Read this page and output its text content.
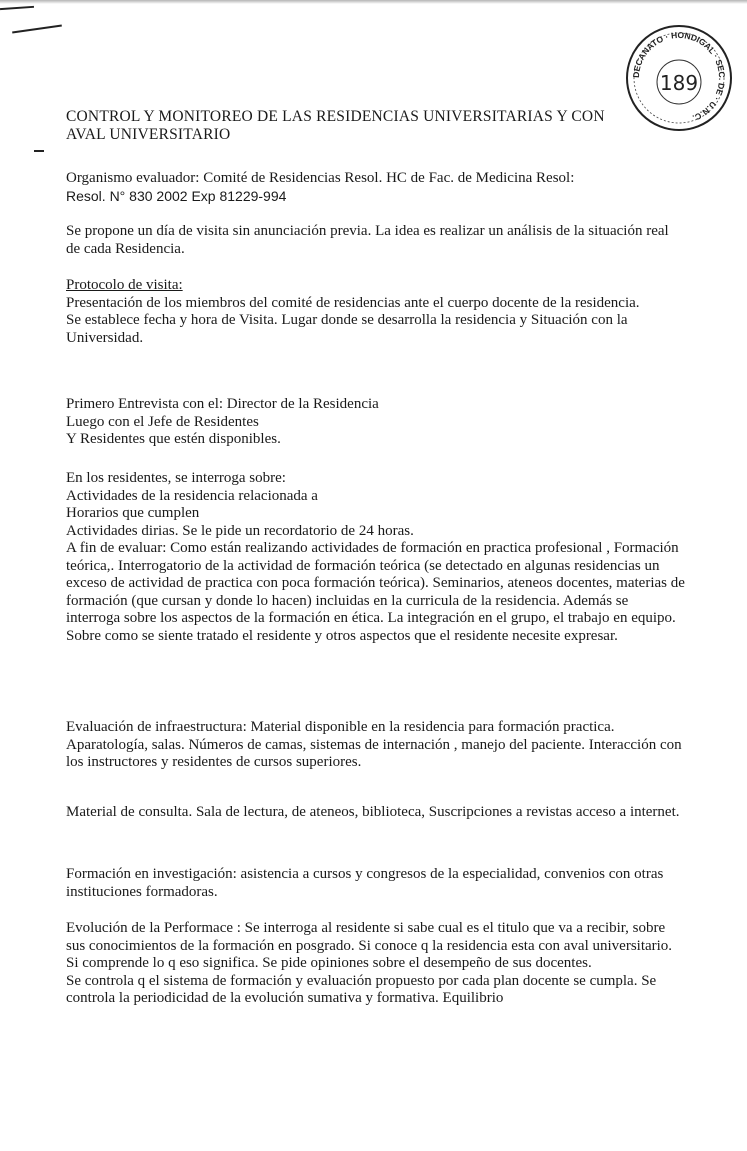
DECANATO · HONDIGAL · SEC. DE · U.N.C.
189
CONTROL Y MONITOREO DE LAS RESIDENCIAS UNIVERSITARIAS Y CON
AVAL UNIVERSITARIO
Organismo evaluador: Comité de Residencias Resol. HC de Fac. de Medicina Resol:
Resol. N° 830 2002 Exp 81229-994
Se propone un día de visita sin anunciación previa. La idea es realizar un análisis de la situación real de cada Residencia.
Protocolo de visita:
Presentación de los miembros del comité de residencias ante el cuerpo docente de la residencia.
Se establece fecha y hora de Visita. Lugar donde se desarrolla la residencia y Situación con la Universidad.
Primero Entrevista con el: Director de la Residencia
Luego con el Jefe de Residentes
Y Residentes que estén disponibles.
En los residentes, se interroga sobre:
Actividades de la residencia relacionada a
Horarios que cumplen
Actividades dirias. Se le pide un recordatorio de 24 horas.
A fin de evaluar: Como están realizando actividades de formación en practica profesional , Formación teórica,. Interrogatorio de la actividad de formación teórica (se detectado en algunas residencias un exceso de actividad de practica con poca formación teórica). Seminarios, ateneos docentes, materias de formación (que cursan y donde lo hacen) incluidas en la curricula de la residencia. Además se interroga sobre los aspectos de la formación en ética. La integración en el grupo, el trabajo en equipo. Sobre como se siente tratado el residente y otros aspectos que el residente necesite expresar.
Evaluación de infraestructura: Material disponible en la residencia para formación practica. Aparatología, salas. Números de camas, sistemas de internación , manejo del paciente. Interacción con los instructores y residentes de cursos superiores.
Material de consulta. Sala de lectura, de ateneos, biblioteca, Suscripciones a revistas acceso a internet.
Formación en investigación: asistencia a cursos y congresos de la especialidad, convenios con otras instituciones formadoras.
Evolución de la Performace : Se interroga al residente si sabe cual es el titulo que va a recibir, sobre sus conocimientos de la formación en posgrado. Si conoce q la residencia esta con aval universitario. Si comprende lo q eso significa. Se pide opiniones sobre el desempeño de sus docentes.
Se controla q el sistema de formación y evaluación propuesto por cada plan docente se cumpla. Se controla la periodicidad de la evolución sumativa y formativa. Equilibrio
